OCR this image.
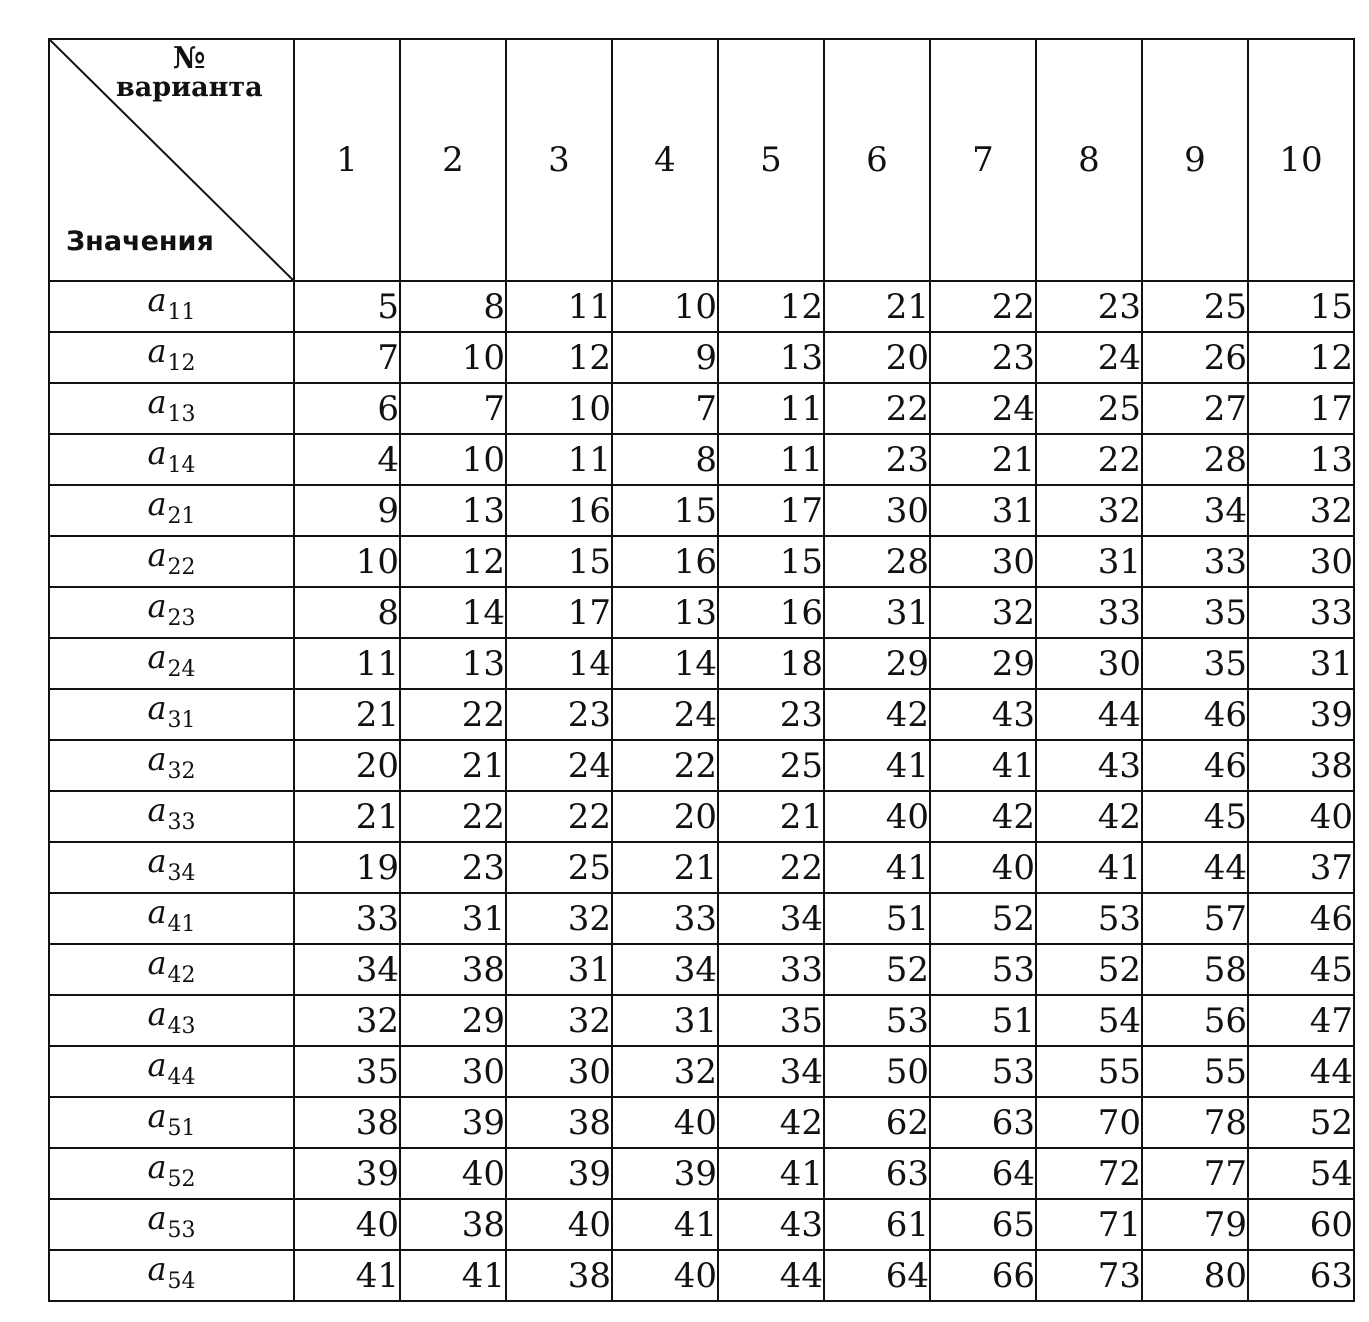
№
варианта
Значения	1	2	3	4	5	6	7	8	9	10
$a_{11}$	5	8	11	10	12	21	22	23	25	15
$a_{12}$	7	10	12	9	13	20	23	24	26	12
$a_{13}$	6	7	10	7	11	22	24	25	27	17
$a_{14}$	4	10	11	8	11	23	21	22	28	13
$a_{21}$	9	13	16	15	17	30	31	32	34	32
$a_{22}$	10	12	15	16	15	28	30	31	33	30
$a_{23}$	8	14	17	13	16	31	32	33	35	33
$a_{24}$	11	13	14	14	18	29	29	30	35	31
$a_{31}$	21	22	23	24	23	42	43	44	46	39
$a_{32}$	20	21	24	22	25	41	41	43	46	38
$a_{33}$	21	22	22	20	21	40	42	42	45	40
$a_{34}$	19	23	25	21	22	41	40	41	44	37
$a_{41}$	33	31	32	33	34	51	52	53	57	46
$a_{42}$	34	38	31	34	33	52	53	52	58	45
$a_{43}$	32	29	32	31	35	53	51	54	56	47
$a_{44}$	35	30	30	32	34	50	53	55	55	44
$a_{51}$	38	39	38	40	42	62	63	70	78	52
$a_{52}$	39	40	39	39	41	63	64	72	77	54
$a_{53}$	40	38	40	41	43	61	65	71	79	60
$a_{54}$	41	41	38	40	44	64	66	73	80	63
